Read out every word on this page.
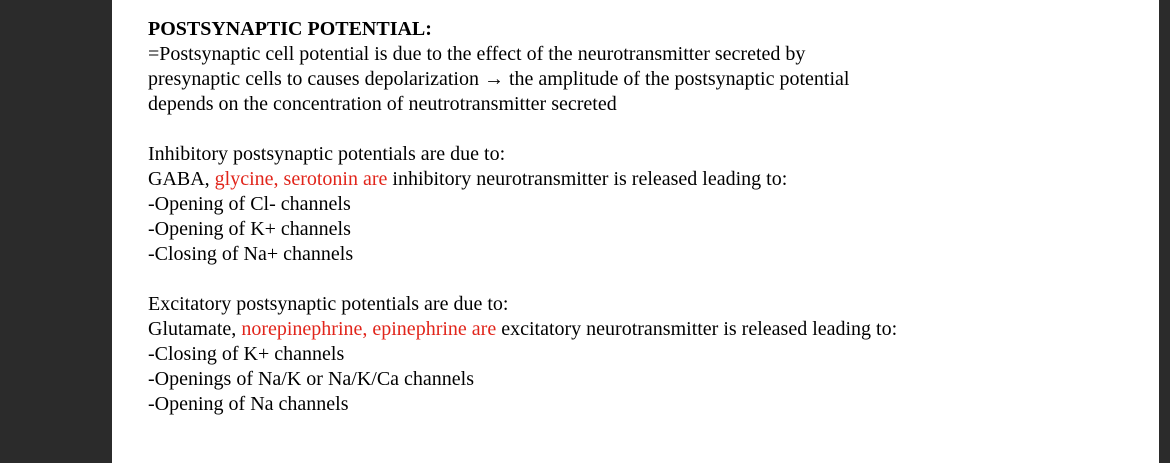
POSTSYNAPTIC POTENTIAL:

=Postsynaptic cell potential is due to the effect of the neurotransmitter secreted by

presynaptic cells to causes depolarization → the amplitude of the postsynaptic potential

depends on the concentration of neutrotransmitter secreted

Inhibitory postsynaptic potentials are due to:

GABA, glycine, serotonin are inhibitory neurotransmitter is released leading to:

-Opening of Cl- channels

-Opening of K+ channels

-Closing of Na+ channels

Excitatory postsynaptic potentials are due to:

Glutamate, norepinephrine, epinephrine are excitatory neurotransmitter is released leading to:

-Closing of K+ channels

-Openings of Na/K or Na/K/Ca channels

-Opening of Na channels
